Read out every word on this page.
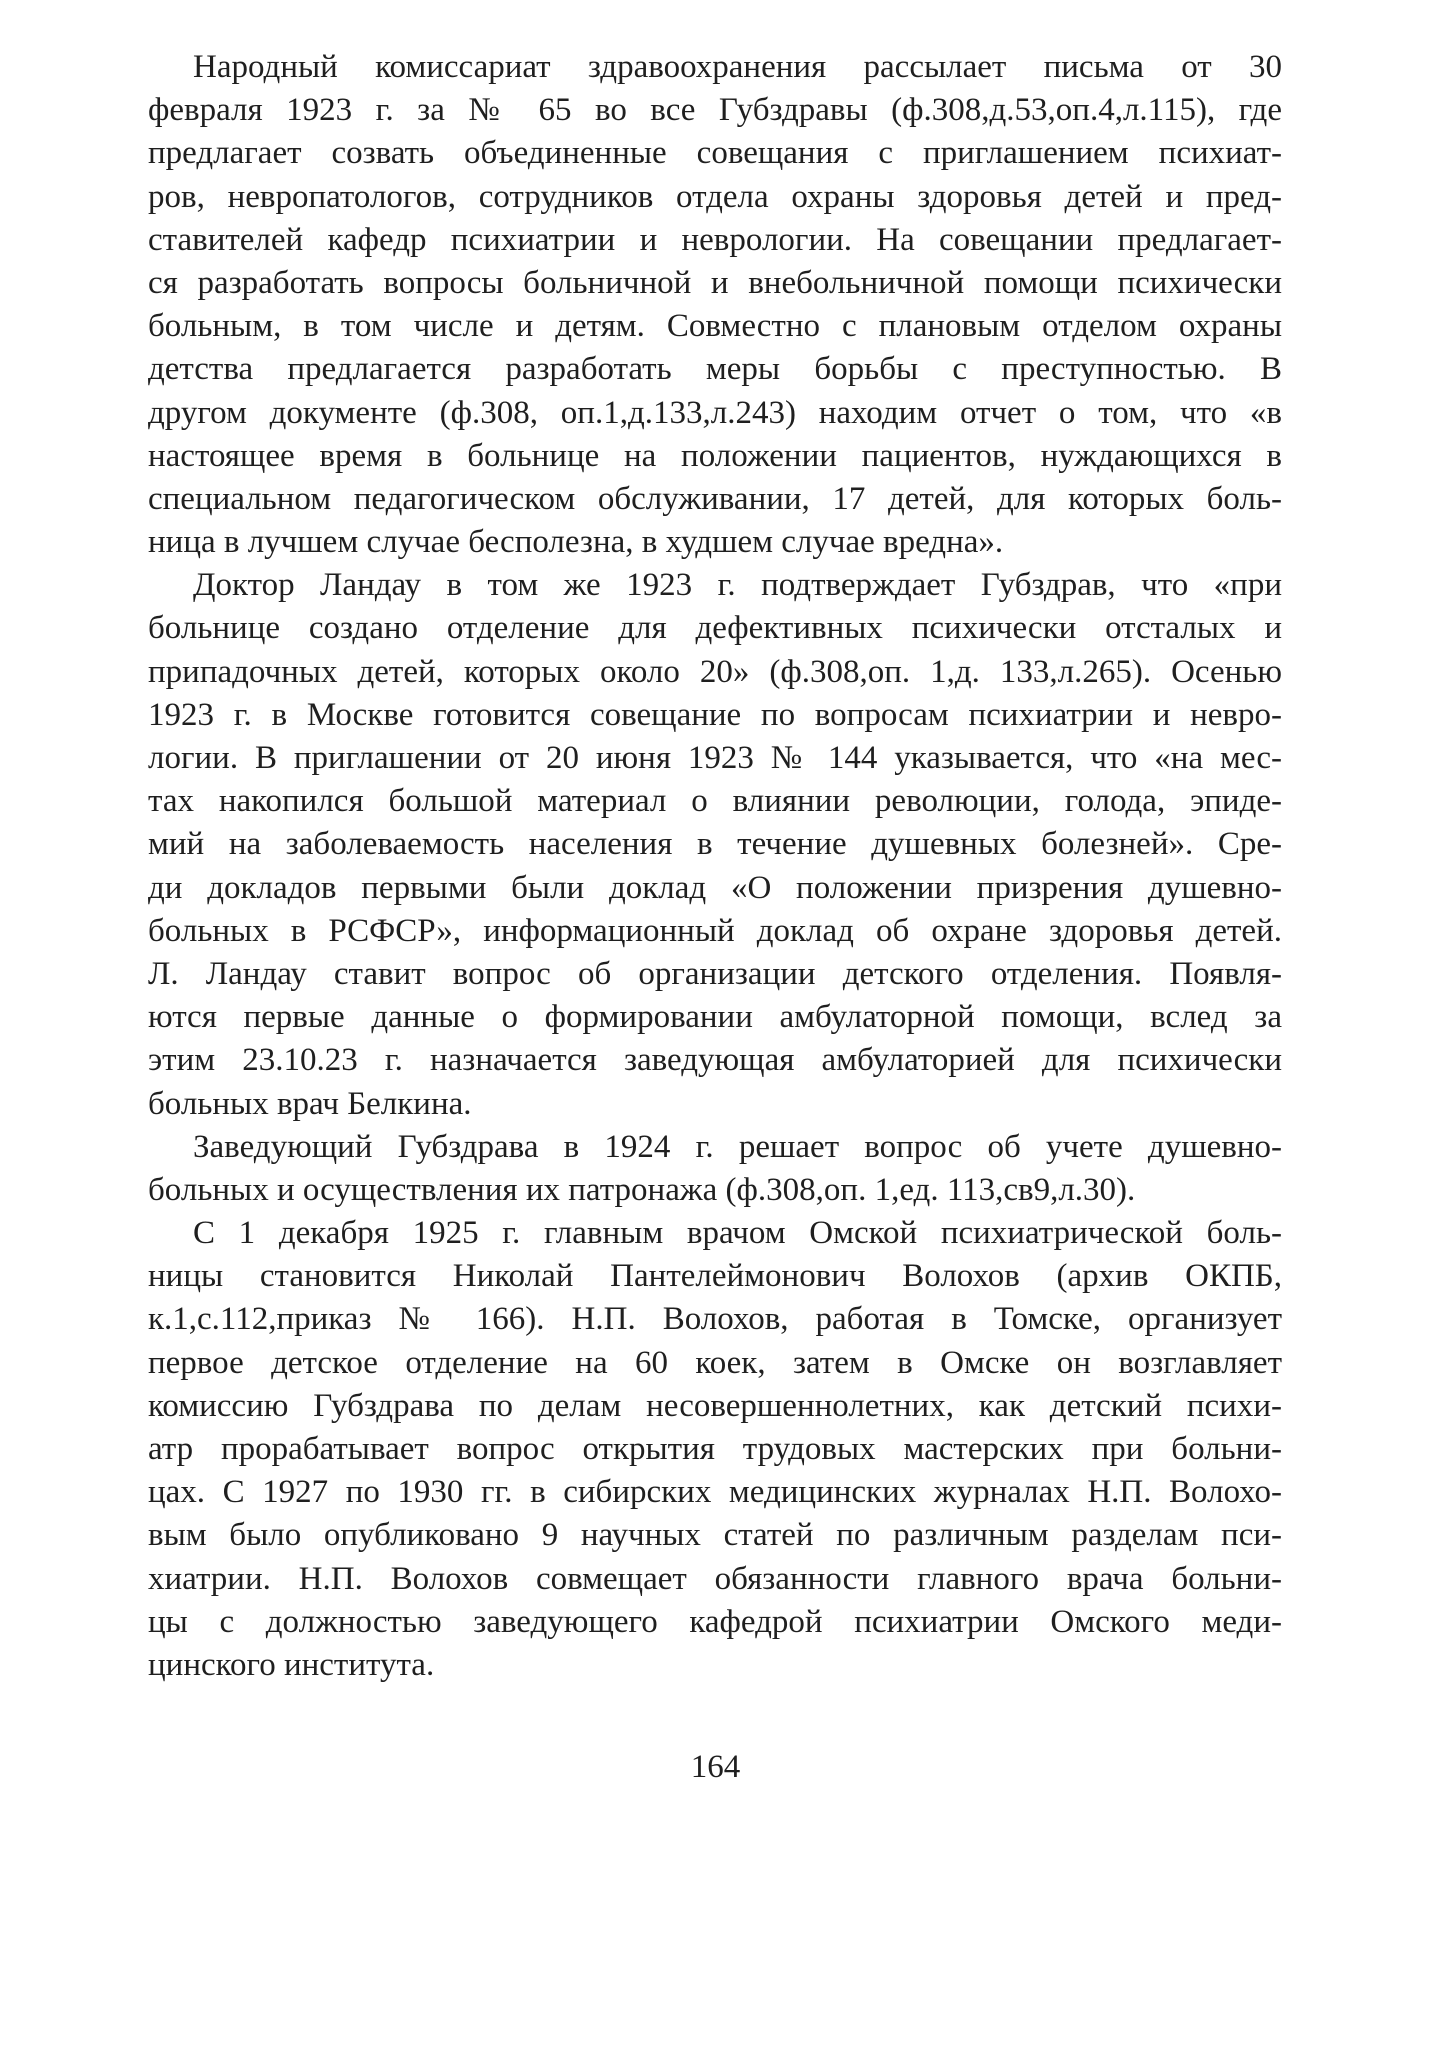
Народный комиссариат здравоохранения рассылает письма от 30
февраля 1923 г. за № 65 во все Губздравы (ф.308,д.53,оп.4,л.115), где
предлагает созвать объединенные совещания с приглашением психиат-
ров, невропатологов, сотрудников отдела охраны здоровья детей и пред-
ставителей кафедр психиатрии и неврологии. На совещании предлагает-
ся разработать вопросы больничной и внебольничной помощи психически
больным, в том числе и детям. Совместно с плановым отделом охраны
детства предлагается разработать меры борьбы с преступностью. В
другом документе (ф.308, оп.1,д.133,л.243) находим отчет о том, что «в
настоящее время в больнице на положении пациентов, нуждающихся в
специальном педагогическом обслуживании, 17 детей, для которых боль-
ница в лучшем случае бесполезна, в худшем случае вредна».
Доктор Ландау в том же 1923 г. подтверждает Губздрав, что «при
больнице создано отделение для дефективных психически отсталых и
припадочных детей, которых около 20» (ф.308,оп. 1,д. 133,л.265). Осенью
1923 г. в Москве готовится совещание по вопросам психиатрии и невро-
логии. В приглашении от 20 июня 1923 № 144 указывается, что «на мес-
тах накопился большой материал о влиянии революции, голода, эпиде-
мий на заболеваемость населения в течение душевных болезней». Сре-
ди докладов первыми были доклад «О положении призрения душевно-
больных в РСФСР», информационный доклад об охране здоровья детей.
Л. Ландау ставит вопрос об организации детского отделения. Появля-
ются первые данные о формировании амбулаторной помощи, вслед за
этим 23.10.23 г. назначается заведующая амбулаторией для психически
больных врач Белкина.
Заведующий Губздрава в 1924 г. решает вопрос об учете душевно-
больных и осуществления их патронажа (ф.308,оп. 1,ед. 113,св9,л.30).
С 1 декабря 1925 г. главным врачом Омской психиатрической боль-
ницы становится Николай Пантелеймонович Волохов (архив ОКПБ,
к.1,с.112,приказ № 166). Н.П. Волохов, работая в Томске, организует
первое детское отделение на 60 коек, затем в Омске он возглавляет
комиссию Губздрава по делам несовершеннолетних, как детский психи-
атр прорабатывает вопрос открытия трудовых мастерских при больни-
цах. С 1927 по 1930 гг. в сибирских медицинских журналах Н.П. Волохо-
вым было опубликовано 9 научных статей по различным разделам пси-
хиатрии. Н.П. Волохов совмещает обязанности главного врача больни-
цы с должностью заведующего кафедрой психиатрии Омского меди-
цинского института.
164
